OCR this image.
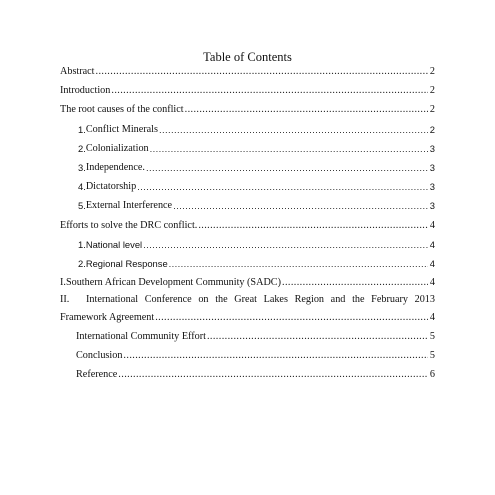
Table of Contents
Abstract .....	2
Introduction .....	2
The root causes of the conflict .....	2
1. Conflict Minerals .....	2
2. Colonialization .....	3
3. Independence. .....	3
4. Dictatorship .....	3
5. External Interference .....	3
Efforts to solve the DRC conflict. .....	4
1. National level .....	4
2. Regional Response .....	4
I. Southern African Development Community (SADC) .....	4
II.	International Conference on the Great Lakes Region and the February 2013
Framework Agreement .....	4
International Community Effort .....	5
Conclusion .....	5
Reference .....	6
